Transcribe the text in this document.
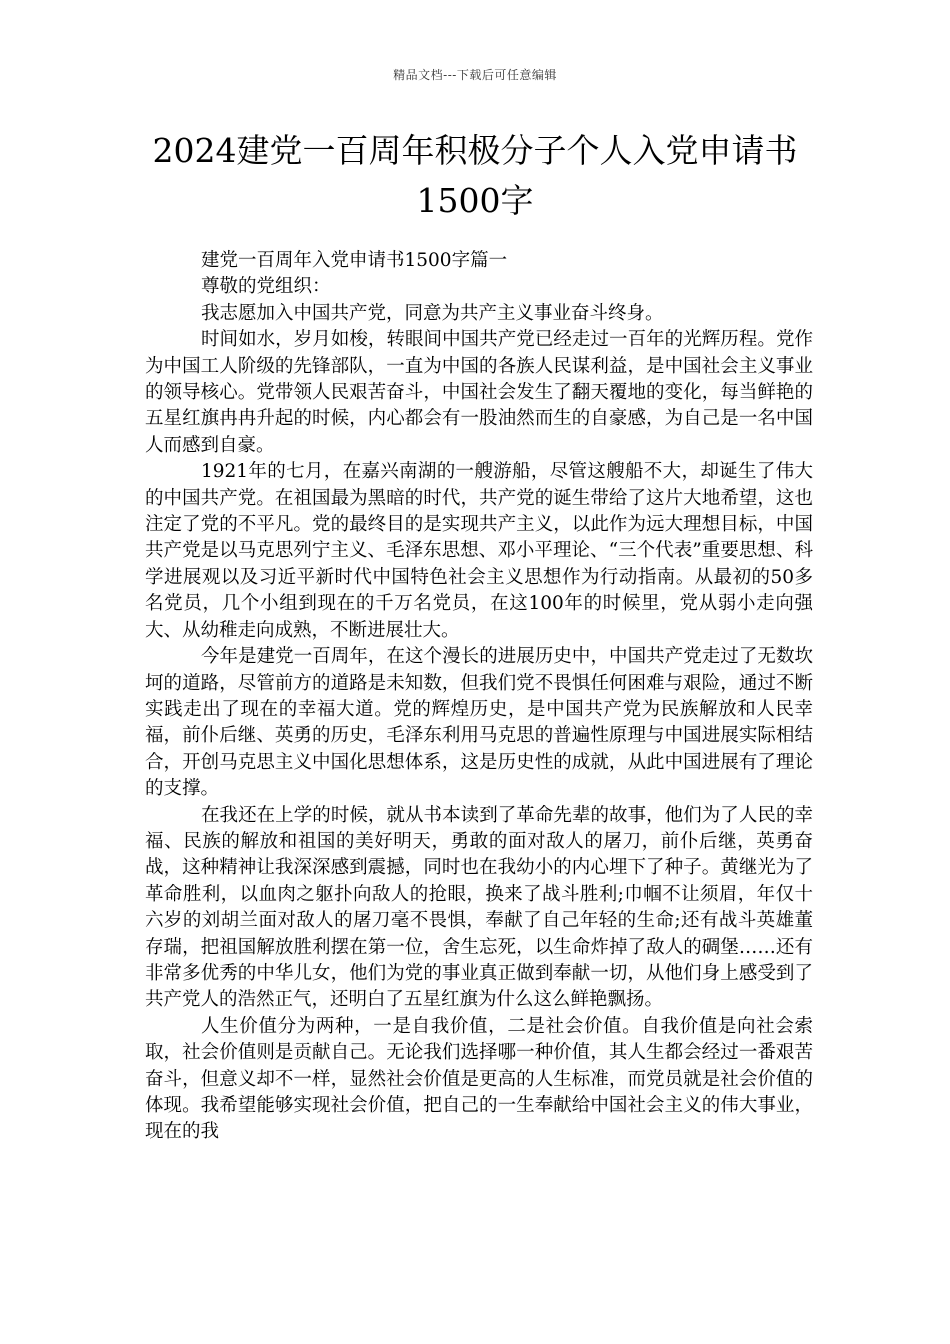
精品文档---下载后可任意编辑
2024建党一百周年积极分子个人入党申请书1500字

建党一百周年入党申请书1500字篇一

尊敬的党组织：

我志愿加入中国共产党，同意为共产主义事业奋斗终身。

时间如水，岁月如梭，转眼间中国共产党已经走过一百年的光辉历程。党作为中国工人阶级的先锋部队，一直为中国的各族人民谋利益，是中国社会主义事业的领导核心。党带领人民艰苦奋斗，中国社会发生了翻天覆地的变化，每当鲜艳的五星红旗冉冉升起的时候，内心都会有一股油然而生的自豪感，为自己是一名中国人而感到自豪。

1921年的七月，在嘉兴南湖的一艘游船，尽管这艘船不大，却诞生了伟大的中国共产党。在祖国最为黑暗的时代，共产党的诞生带给了这片大地希望，这也注定了党的不平凡。党的最终目的是实现共产主义，以此作为远大理想目标，中国共产党是以马克思列宁主义、毛泽东思想、邓小平理论、“三个代表”重要思想、科学进展观以及习近平新时代中国特色社会主义思想作为行动指南。从最初的50多名党员，几个小组到现在的千万名党员，在这100年的时候里，党从弱小走向强大、从幼稚走向成熟，不断进展壮大。

今年是建党一百周年，在这个漫长的进展历史中，中国共产党走过了无数坎坷的道路，尽管前方的道路是未知数，但我们党不畏惧任何困难与艰险，通过不断实践走出了现在的幸福大道。党的辉煌历史，是中国共产党为民族解放和人民幸福，前仆后继、英勇的历史，毛泽东利用马克思的普遍性原理与中国进展实际相结合，开创马克思主义中国化思想体系，这是历史性的成就，从此中国进展有了理论的支撑。

在我还在上学的时候，就从书本读到了革命先辈的故事，他们为了人民的幸福、民族的解放和祖国的美好明天，勇敢的面对敌人的屠刀，前仆后继，英勇奋战，这种精神让我深深感到震撼，同时也在我幼小的内心埋下了种子。黄继光为了革命胜利，以血肉之躯扑向敌人的抢眼，换来了战斗胜利;巾帼不让须眉，年仅十六岁的刘胡兰面对敌人的屠刀毫不畏惧，奉献了自己年轻的生命;还有战斗英雄董存瑞，把祖国解放胜利摆在第一位，舍生忘死，以生命炸掉了敌人的碉堡……还有非常多优秀的中华儿女，他们为党的事业真正做到奉献一切，从他们身上感受到了共产党人的浩然正气，还明白了五星红旗为什么这么鲜艳飘扬。

人生价值分为两种，一是自我价值，二是社会价值。自我价值是向社会索取，社会价值则是贡献自己。无论我们选择哪一种价值，其人生都会经过一番艰苦奋斗，但意义却不一样，显然社会价值是更高的人生标准，而党员就是社会价值的体现。我希望能够实现社会价值，把自己的一生奉献给中国社会主义的伟大事业，现在的我
